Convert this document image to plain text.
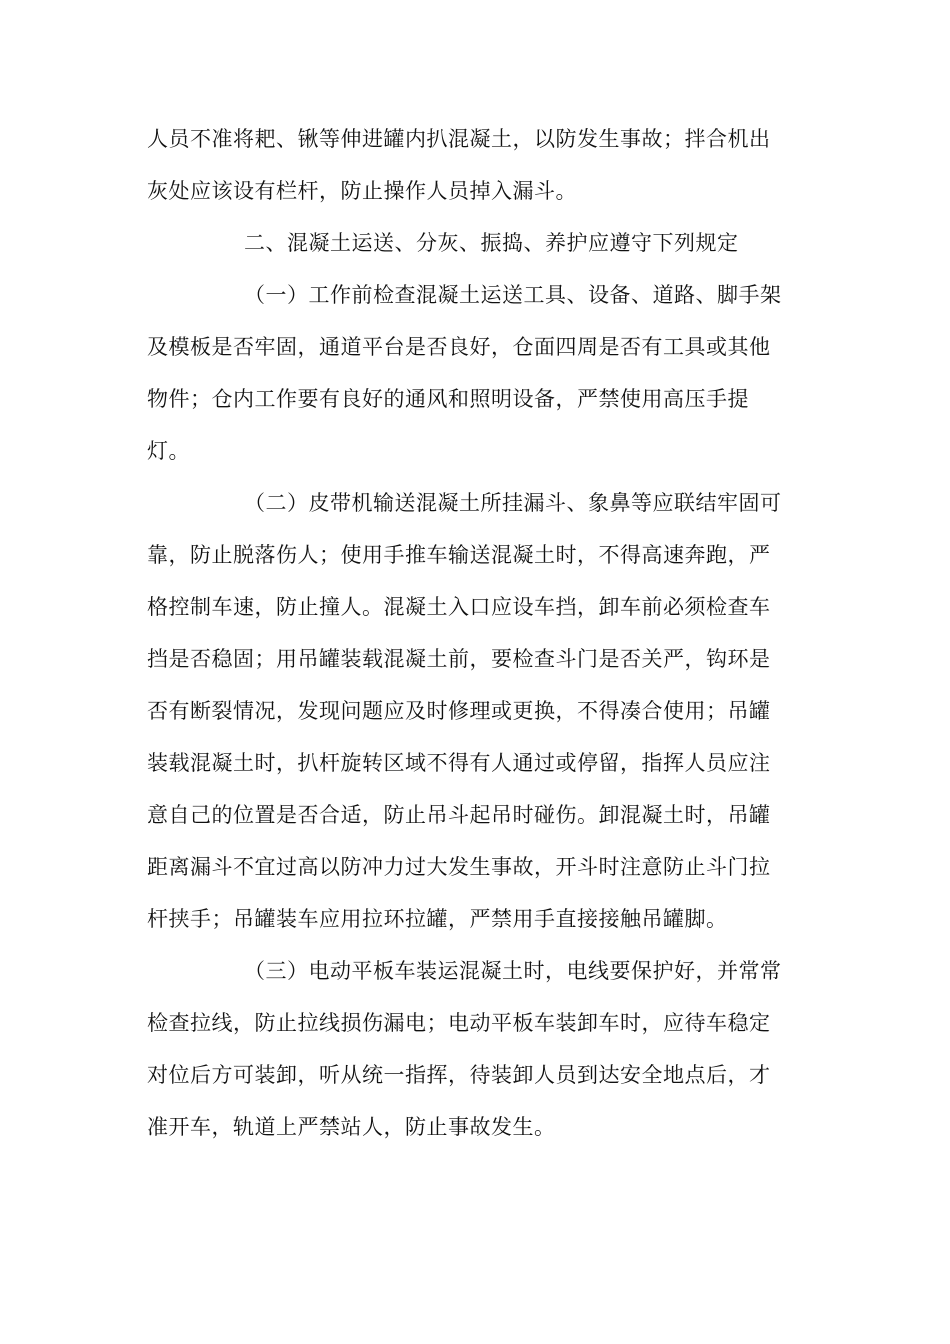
人员不准将耙、锹等伸进罐内扒混凝土，以防发生事故；拌合机出
灰处应该设有栏杆，防止操作人员掉入漏斗。
二、混凝土运送、分灰、振捣、养护应遵守下列规定
（一）工作前检查混凝土运送工具、设备、道路、脚手架
及模板是否牢固，通道平台是否良好，仓面四周是否有工具或其他
物件；仓内工作要有良好的通风和照明设备，严禁使用高压手提
灯。
（二）皮带机输送混凝土所挂漏斗、象鼻等应联结牢固可
靠，防止脱落伤人；使用手推车输送混凝土时，不得高速奔跑，严
格控制车速，防止撞人。混凝土入口应设车挡，卸车前必须检查车
挡是否稳固；用吊罐装载混凝土前，要检查斗门是否关严，钩环是
否有断裂情况，发现问题应及时修理或更换，不得凑合使用；吊罐
装载混凝土时，扒杆旋转区域不得有人通过或停留，指挥人员应注
意自己的位置是否合适，防止吊斗起吊时碰伤。卸混凝土时，吊罐
距离漏斗不宜过高以防冲力过大发生事故，开斗时注意防止斗门拉
杆挟手；吊罐装车应用拉环拉罐，严禁用手直接接触吊罐脚。
（三）电动平板车装运混凝土时，电线要保护好，并常常
检查拉线，防止拉线损伤漏电；电动平板车装卸车时，应待车稳定
对位后方可装卸，听从统一指挥，待装卸人员到达安全地点后，才
准开车，轨道上严禁站人，防止事故发生。
